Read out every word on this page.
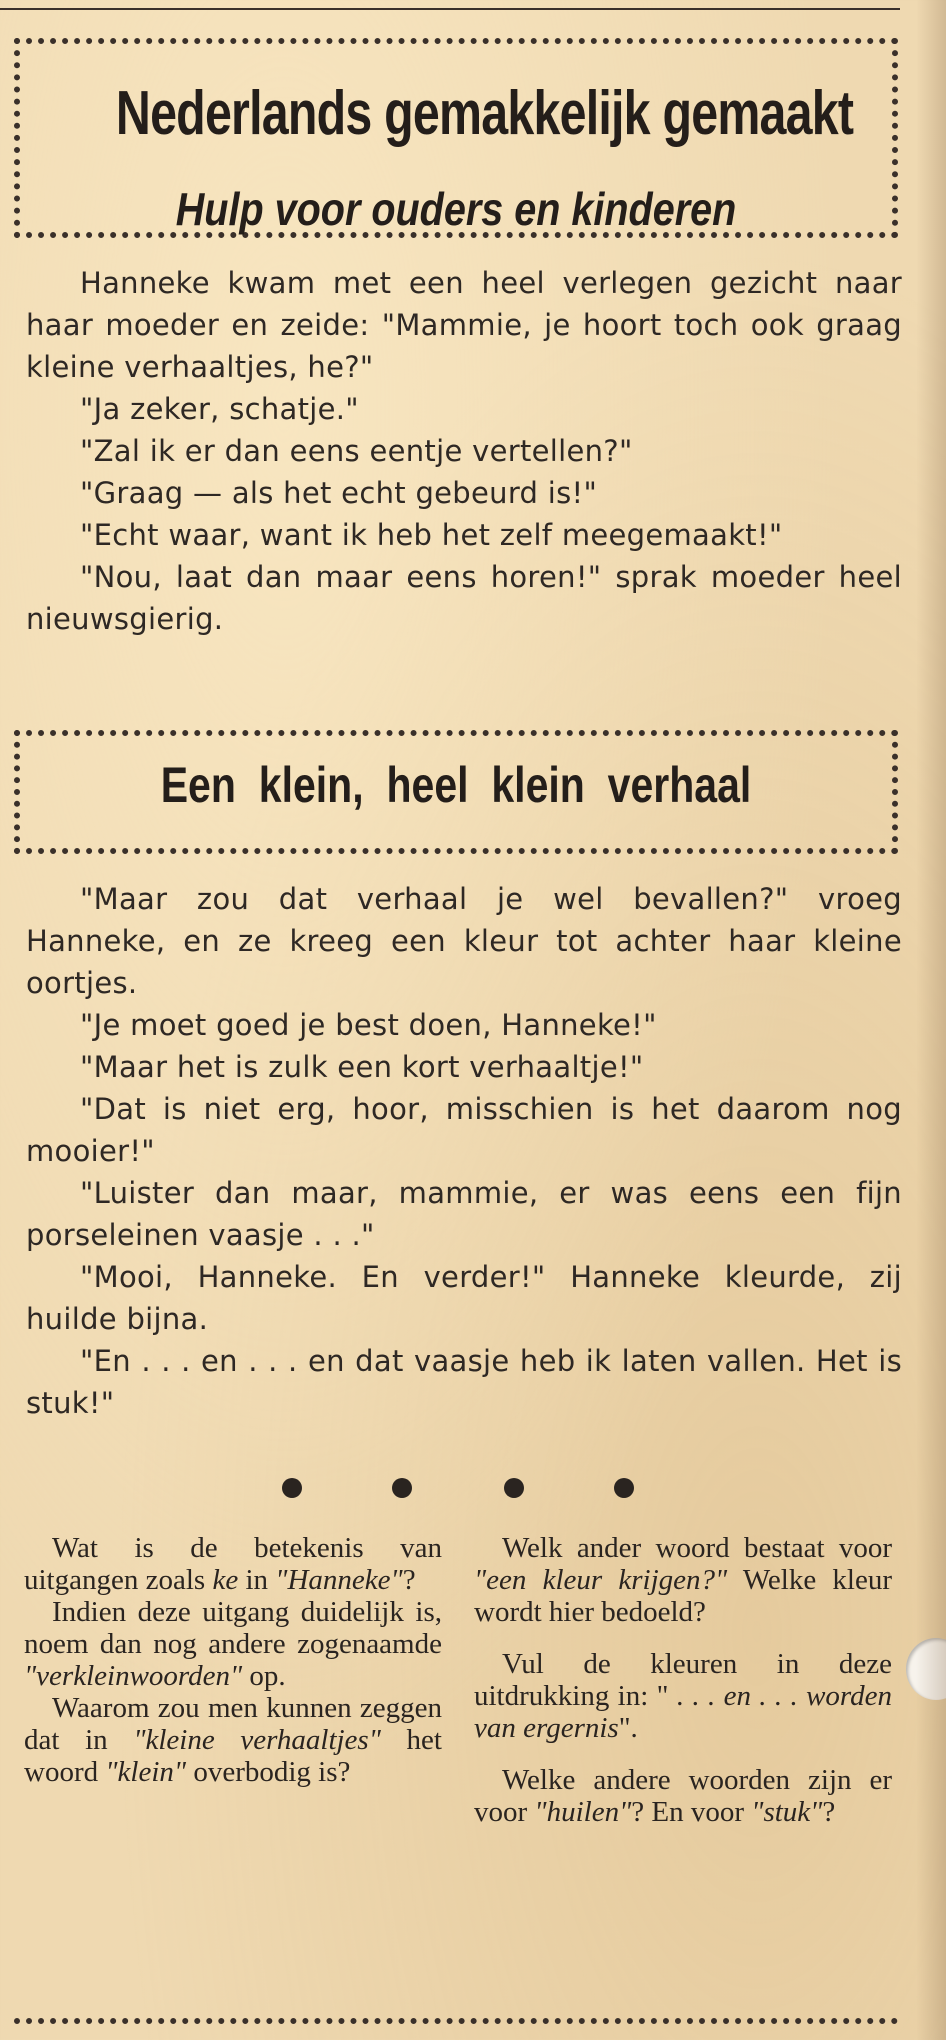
Nederlands gemakkelijk gemaakt
Hulp voor ouders en kinderen

Hanneke kwam met een heel verlegen gezicht naar haar moeder en zeide: "Mammie, je hoort toch ook graag kleine verhaaltjes, he?"

"Ja zeker, schatje."

"Zal ik er dan eens eentje vertellen?"

"Graag — als het echt gebeurd is!"

"Echt waar, want ik heb het zelf meegemaakt!"

"Nou, laat dan maar eens horen!" sprak moeder heel nieuwsgierig.

Een klein, heel klein verhaal

"Maar zou dat verhaal je wel bevallen?" vroeg Hanneke, en ze kreeg een kleur tot achter haar kleine oortjes.

"Je moet goed je best doen, Hanneke!"

"Maar het is zulk een kort verhaaltje!"

"Dat is niet erg, hoor, misschien is het daarom nog mooier!"

"Luister dan maar, mammie, er was eens een fijn porseleinen vaasje . . ."

"Mooi, Hanneke. En verder!" Hanneke kleurde, zij huilde bijna.

"En . . . en . . . en dat vaasje heb ik laten vallen. Het is stuk!"

Wat is de betekenis van uitgangen zoals ke in "Hanneke"?

Indien deze uitgang duidelijk is, noem dan nog andere zogenaamde "verkleinwoorden" op.

Waarom zou men kunnen zeggen dat in "kleine verhaaltjes" het woord "klein" overbodig is?

Welk ander woord bestaat voor "een kleur krijgen?" Welke kleur wordt hier bedoeld?

Vul de kleuren in deze uitdrukking in: " . . . en . . . worden van ergernis".

Welke andere woorden zijn er voor "huilen"? En voor "stuk"?
